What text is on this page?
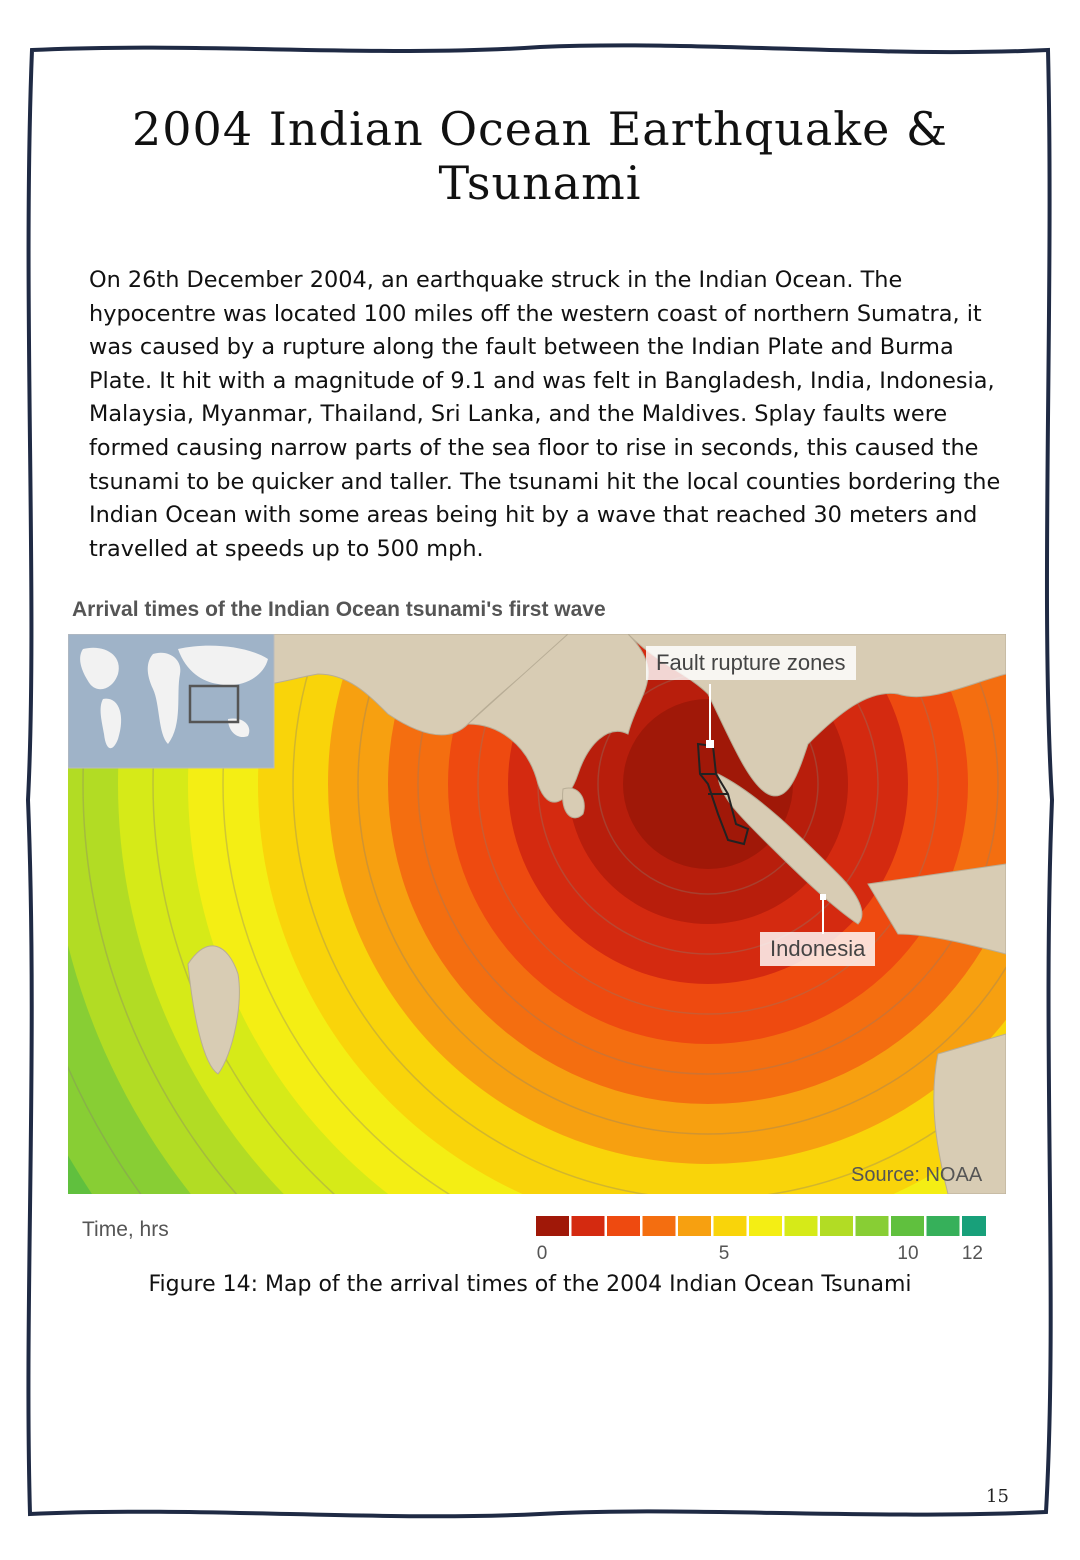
2004 Indian Ocean Earthquake & Tsunami
On 26th December 2004, an earthquake struck in the Indian Ocean. The hypocentre was located 100 miles off the western coast of northern Sumatra, it was caused by a rupture along the fault between the Indian Plate and Burma Plate. It hit with a magnitude of 9.1 and was felt in Bangladesh, India, Indonesia, Malaysia, Myanmar, Thailand, Sri Lanka, and the Maldives. Splay faults were formed causing narrow parts of the sea floor to rise in seconds, this caused the tsunami to be quicker and taller. The tsunami hit the local counties bordering the Indian Ocean with some areas being hit by a wave that reached 30 meters and travelled at speeds up to 500 mph.
Arrival times of the Indian Ocean tsunami's first wave
Fault rupture zones
Indonesia
Source: NOAA
Time, hrs
0	5	10 12
Figure 14: Map of the arrival times of the 2004 Indian Ocean Tsunami
15
